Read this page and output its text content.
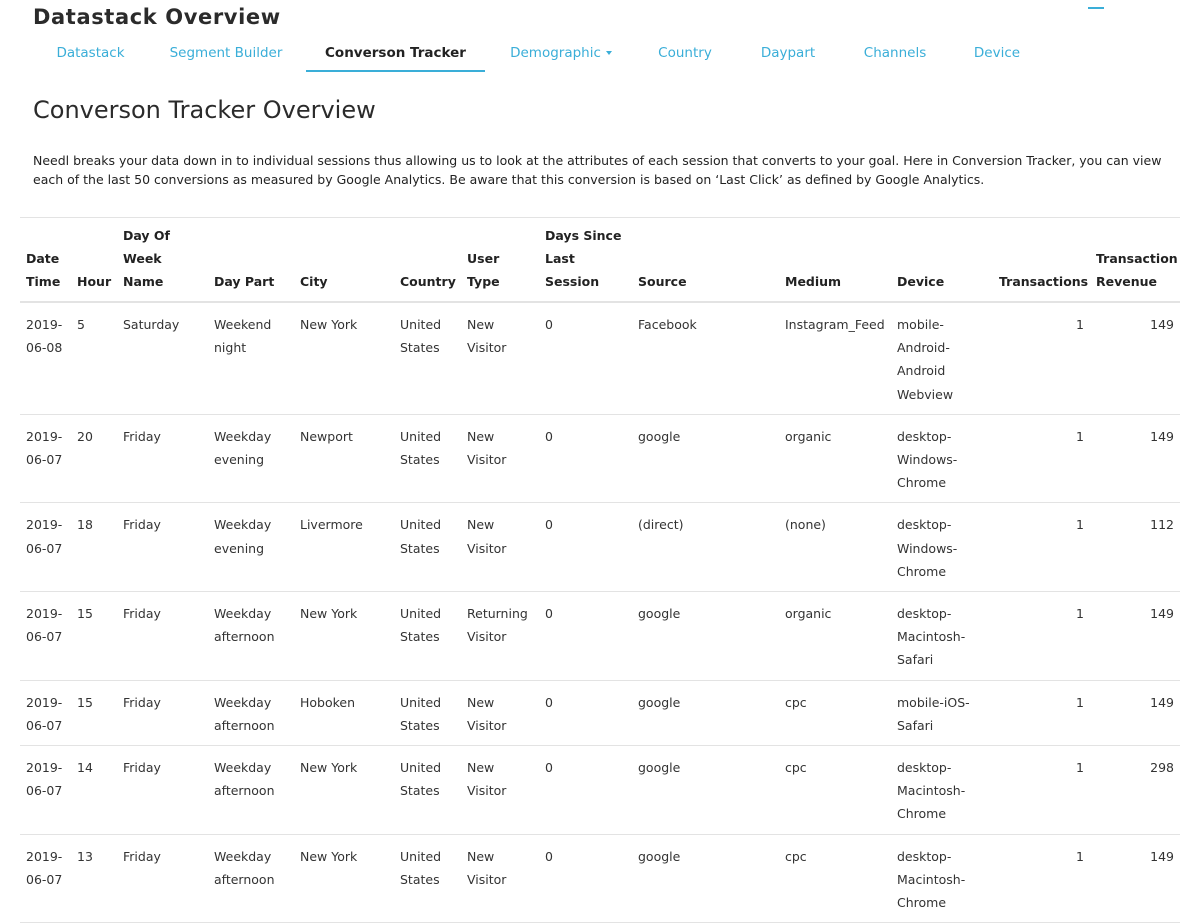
Datastack Overview
Datastack	Segment Builder	Converson Tracker	Demographic	Country	Daypart	Channels	Device
Converson Tracker Overview

Needl breaks your data down in to individual sessions thus allowing us to look at the attributes of each session that converts to your goal. Here in Conversion Tracker, you can view each of the last 50 conversions as measured by Google Analytics. Be aware that this conversion is based on ‘Last Click’ as defined by Google Analytics.

Date Time	Hour	Day Of Week Name	Day Part	City	Country	User Type	Days Since Last Session	Source	Medium	Device	Transactions	Transaction Revenue
2019-06-08	5	Saturday	Weekend night	New York	United States	New Visitor	0	Facebook	Instagram_Feed	mobile-Android-Android Webview	1	149
2019-06-07	20	Friday	Weekday evening	Newport	United States	New Visitor	0	google	organic	desktop-Windows-Chrome	1	149
2019-06-07	18	Friday	Weekday evening	Livermore	United States	New Visitor	0	(direct)	(none)	desktop-Windows-Chrome	1	112
2019-06-07	15	Friday	Weekday afternoon	New York	United States	Returning Visitor	0	google	organic	desktop-Macintosh-Safari	1	149
2019-06-07	15	Friday	Weekday afternoon	Hoboken	United States	New Visitor	0	google	cpc	mobile-iOS-Safari	1	149
2019-06-07	14	Friday	Weekday afternoon	New York	United States	New Visitor	0	google	cpc	desktop-Macintosh-Chrome	1	298
2019-06-07	13	Friday	Weekday afternoon	New York	United States	New Visitor	0	google	cpc	desktop-Macintosh-Chrome	1	149
